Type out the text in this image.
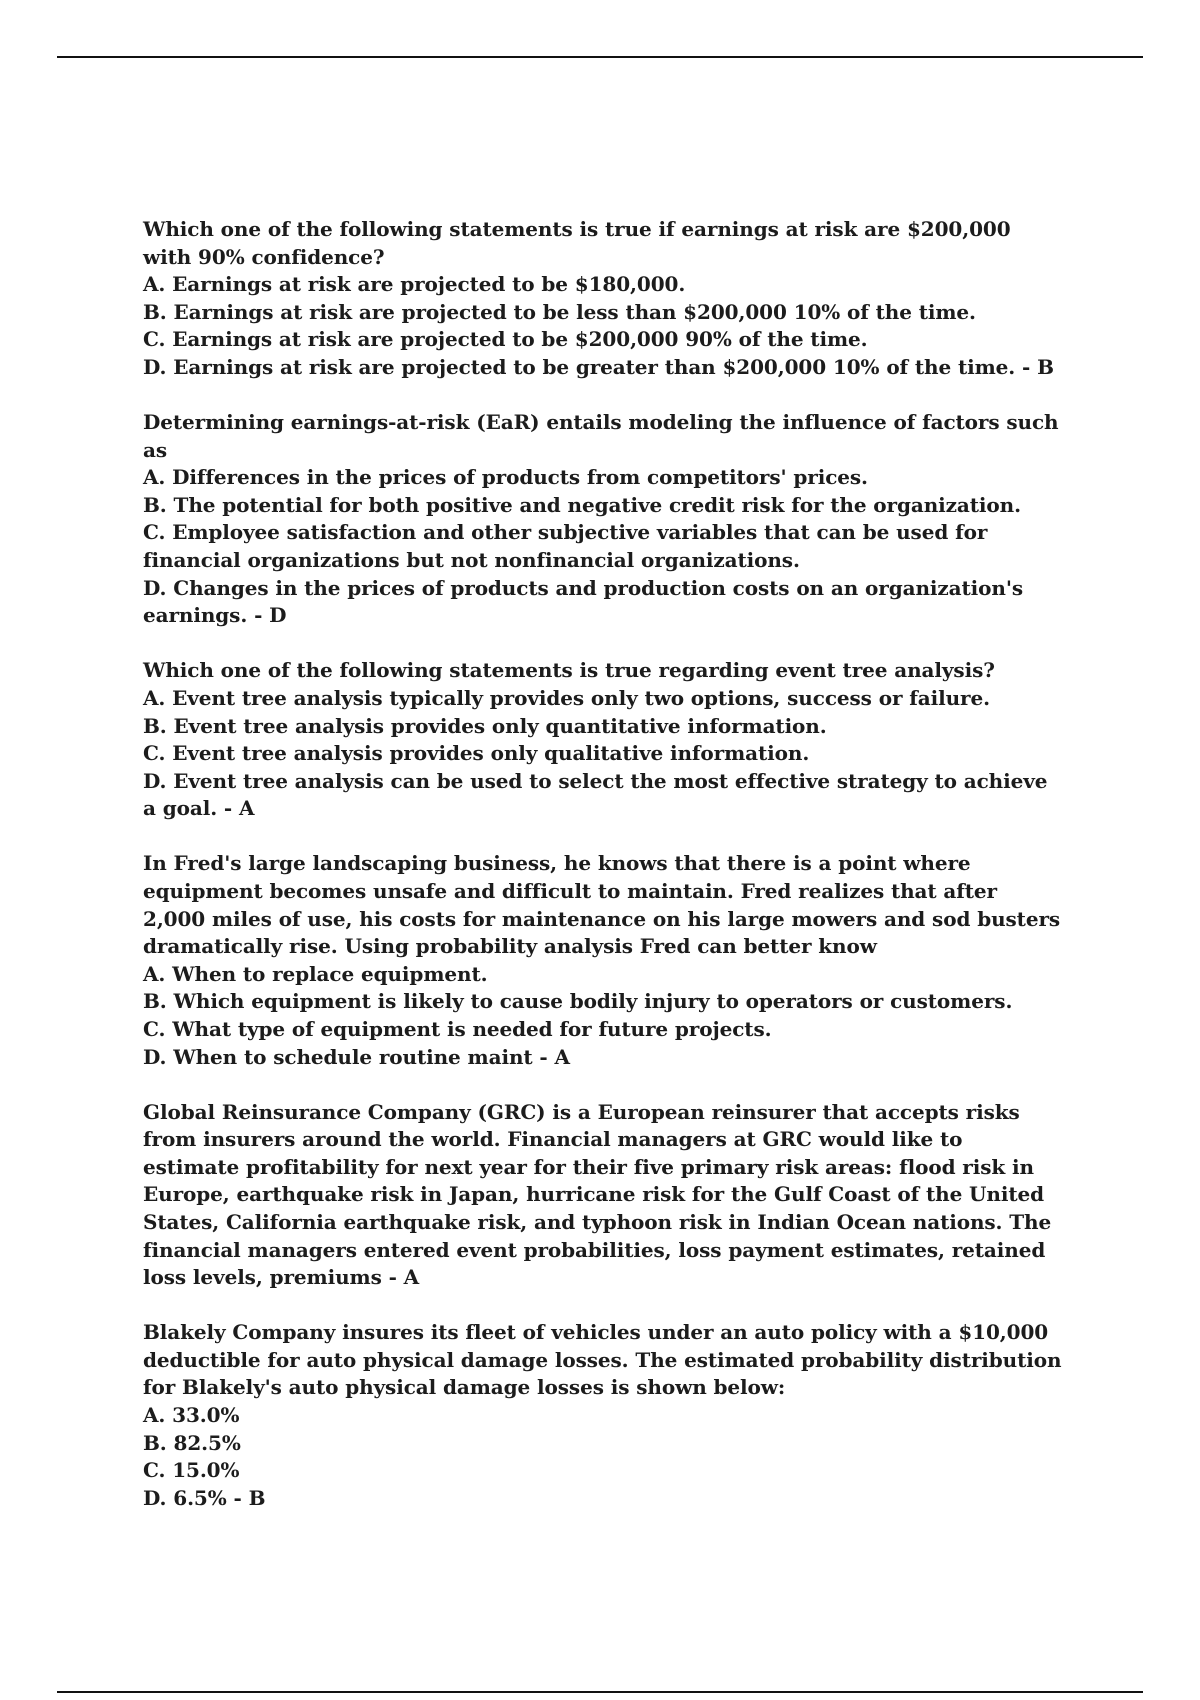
Which one of the following statements is true if earnings at risk are $200,000 with 90% confidence?
A. Earnings at risk are projected to be $180,000.
B. Earnings at risk are projected to be less than $200,000 10% of the time.
C. Earnings at risk are projected to be $200,000 90% of the time.
D. Earnings at risk are projected to be greater than $200,000 10% of the time. - B
Determining earnings-at-risk (EaR) entails modeling the influence of factors such as
A. Differences in the prices of products from competitors' prices.
B. The potential for both positive and negative credit risk for the organization.
C. Employee satisfaction and other subjective variables that can be used for financial organizations but not nonfinancial organizations.
D. Changes in the prices of products and production costs on an organization's earnings. - D
Which one of the following statements is true regarding event tree analysis?
A. Event tree analysis typically provides only two options, success or failure.
B. Event tree analysis provides only quantitative information.
C. Event tree analysis provides only qualitative information.
D. Event tree analysis can be used to select the most effective strategy to achieve a goal. - A
In Fred's large landscaping business, he knows that there is a point where equipment becomes unsafe and difficult to maintain. Fred realizes that after 2,000 miles of use, his costs for maintenance on his large mowers and sod busters dramatically rise. Using probability analysis Fred can better know
A. When to replace equipment.
B. Which equipment is likely to cause bodily injury to operators or customers.
C. What type of equipment is needed for future projects.
D. When to schedule routine maint - A
Global Reinsurance Company (GRC) is a European reinsurer that accepts risks from insurers around the world. Financial managers at GRC would like to estimate profitability for next year for their five primary risk areas: flood risk in Europe, earthquake risk in Japan, hurricane risk for the Gulf Coast of the United States, California earthquake risk, and typhoon risk in Indian Ocean nations. The financial managers entered event probabilities, loss payment estimates, retained loss levels, premiums - A
Blakely Company insures its fleet of vehicles under an auto policy with a $10,000 deductible for auto physical damage losses. The estimated probability distribution for Blakely's auto physical damage losses is shown below:
A. 33.0%
B. 82.5%
C. 15.0%
D. 6.5% - B
